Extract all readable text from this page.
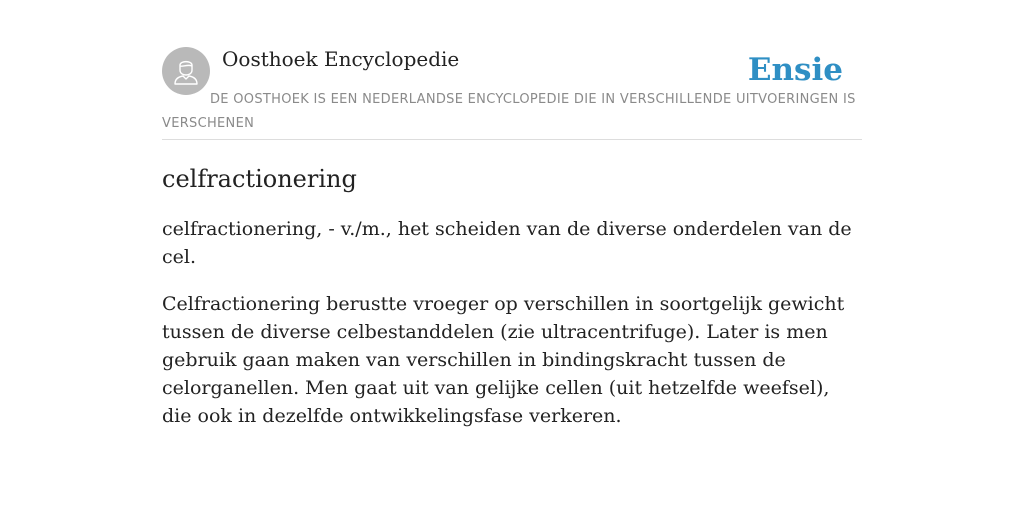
Oosthoek Encyclopedie	Ensie
DE OOSTHOEK IS EEN NEDERLANDSE ENCYCLOPEDIE DIE IN VERSCHILLENDE UITVOERINGEN IS VERSCHENEN
celfractionering

celfractionering, - v./m., het scheiden van de diverse onderdelen van de cel.

Celfractionering berustte vroeger op verschillen in soortgelijk gewicht tussen de diverse celbestanddelen (zie ultracentrifuge). Later is men gebruik gaan maken van verschillen in bindingskracht tussen de celorganellen. Men gaat uit van gelijke cellen (uit hetzelfde weefsel), die ook in dezelfde ontwikkelingsfase verkeren.
